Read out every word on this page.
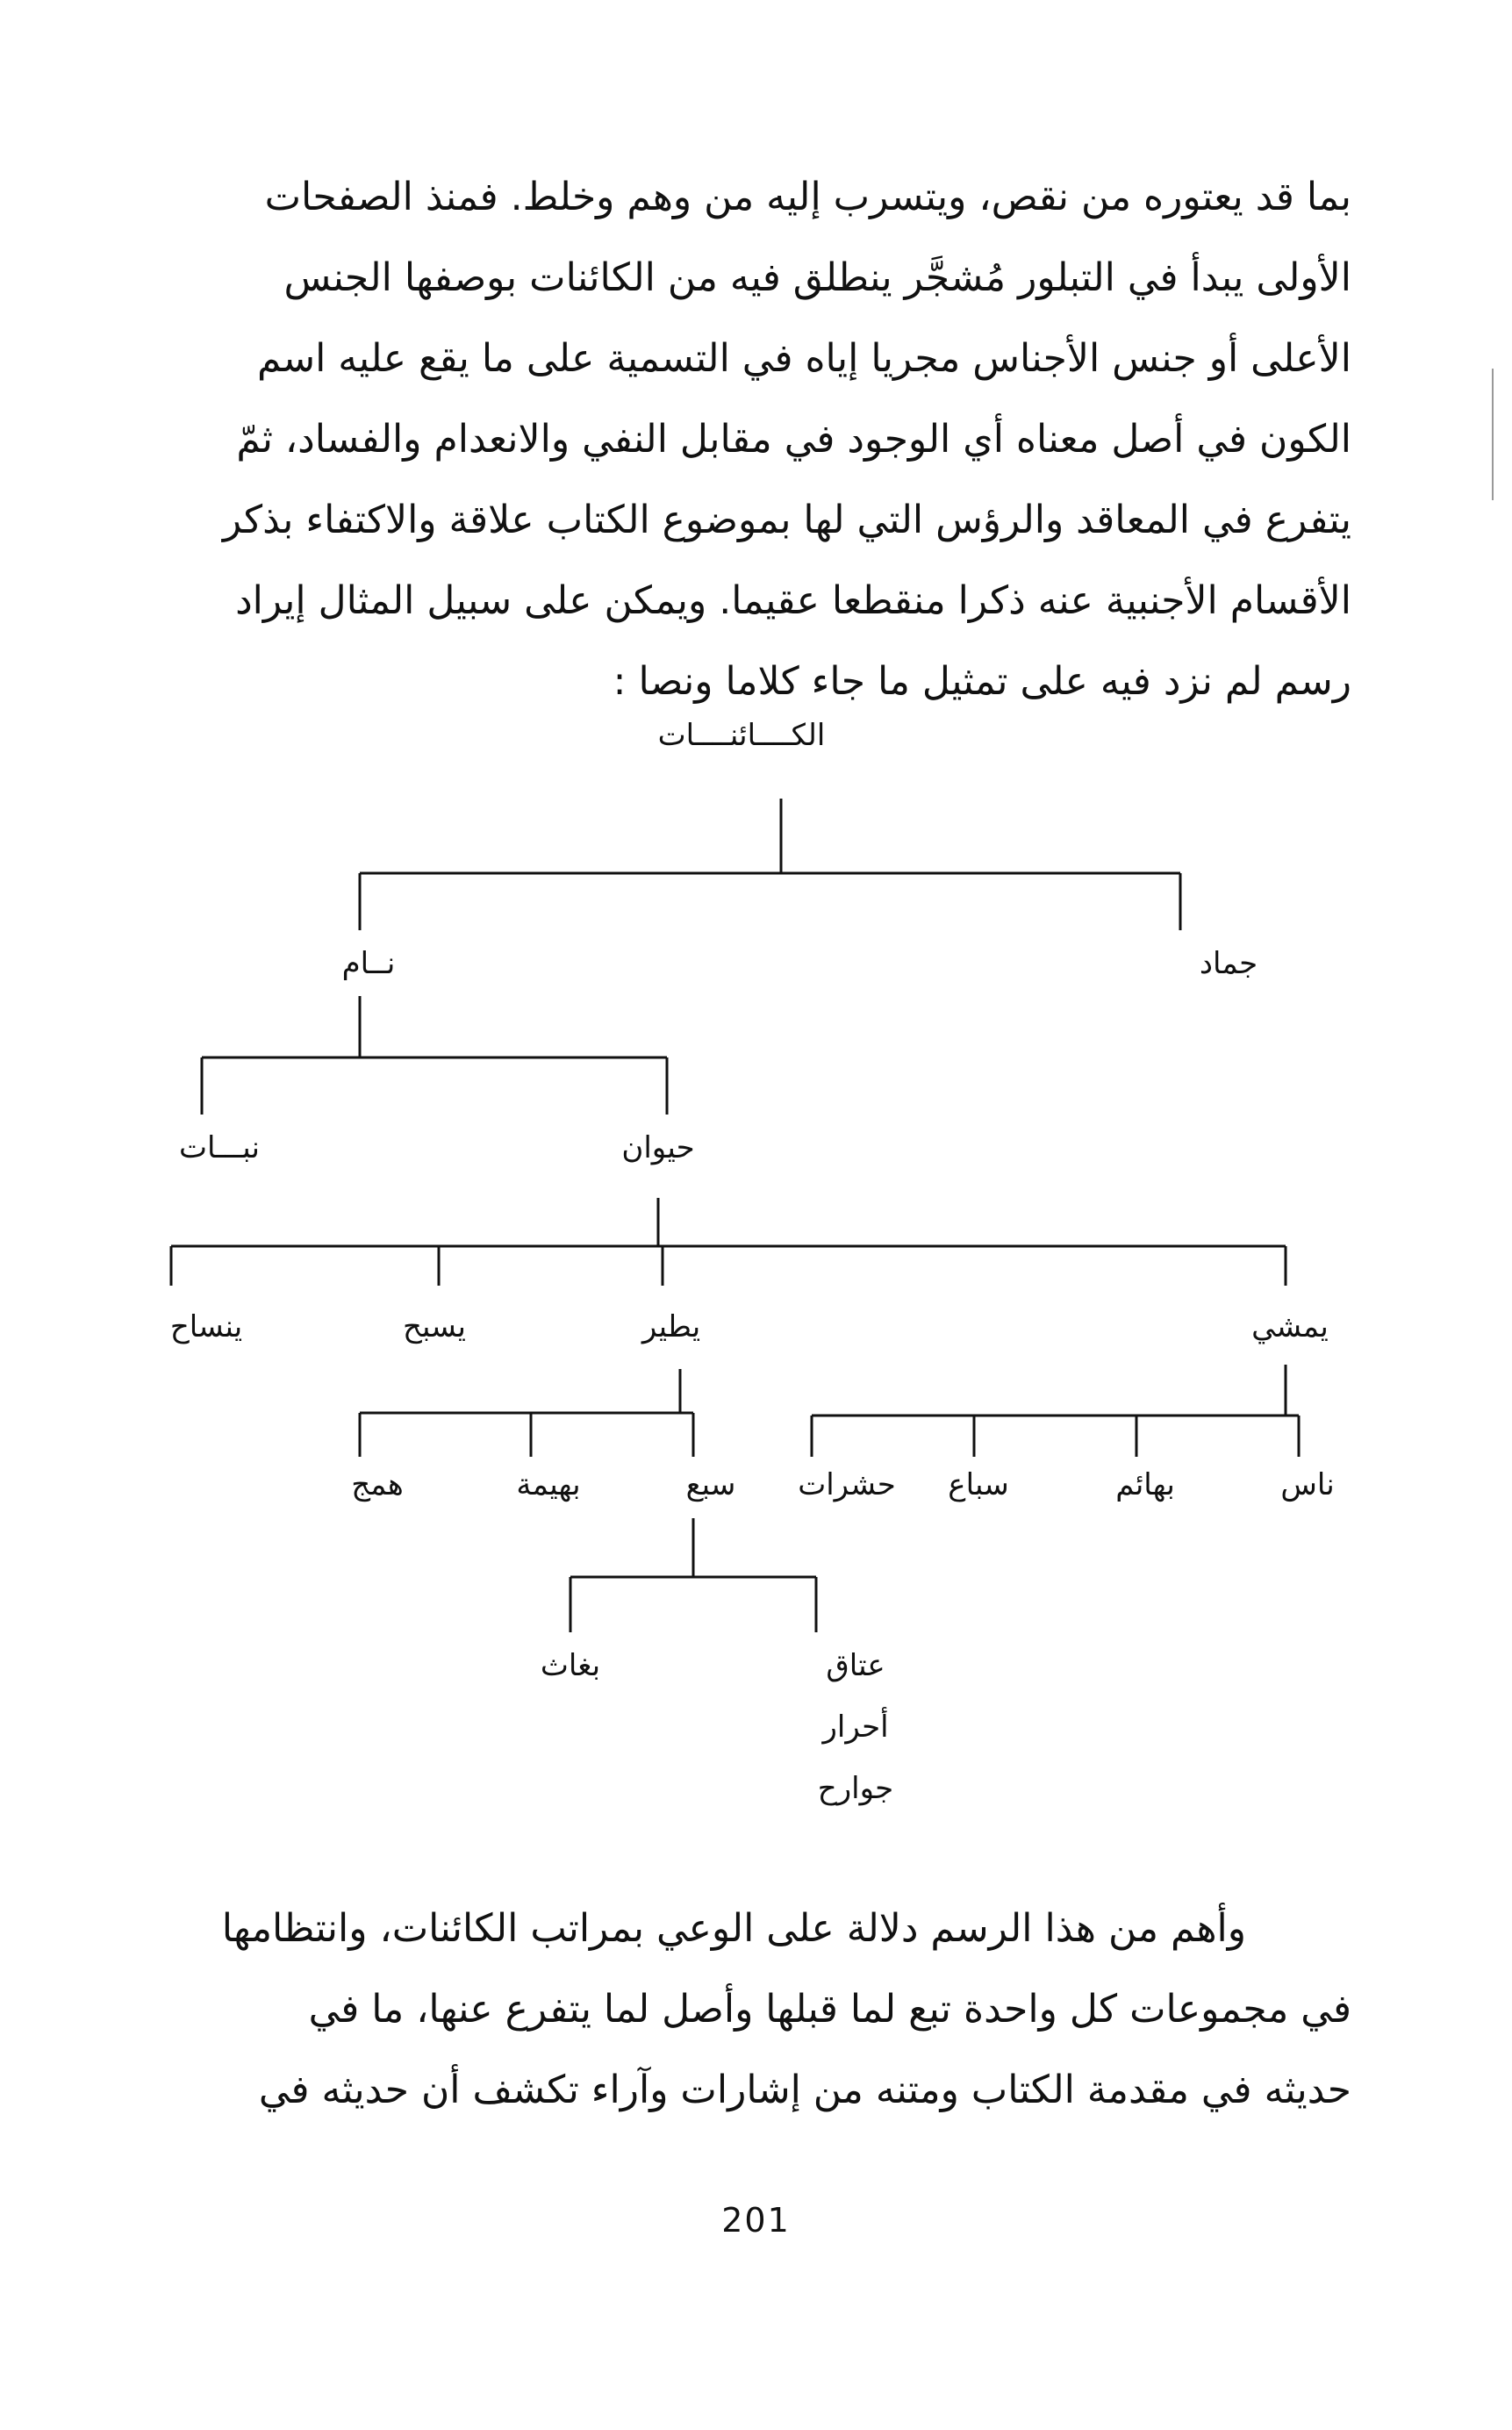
بما قد يعتوره من نقص، ويتسرب إليه من وهم وخلط. فمنذ الصفحات
الأولى يبدأ في التبلور مُشجَّر ينطلق فيه من الكائنات بوصفها الجنس
الأعلى أو جنس الأجناس مجريا إياه في التسمية على ما يقع عليه اسم
الكون في أصل معناه أي الوجود في مقابل النفي والانعدام والفساد، ثمّ
يتفرع في المعاقد والرؤس التي لها بموضوع الكتاب علاقة والاكتفاء بذكر
الأقسام الأجنبية عنه ذكرا منقطعا عقيما. ويمكن على سبيل المثال إيراد
رسم لم نزد فيه على تمثيل ما جاء كلاما ونصا :
الكــــائنــــات
جماد
نــام
نبـــات	حيوان
يمشي
يطير
يسبح
ينساح
ناس
بهائم
سباع
حشرات
سبع
بهيمة
همج
عتاق
أحرار
جوارح
بغاث
وأهم من هذا الرسم دلالة على الوعي بمراتب الكائنات، وانتظامها
في مجموعات كل واحدة تبع لما قبلها وأصل لما يتفرع عنها، ما في
حديثه في مقدمة الكتاب ومتنه من إشارات وآراء تكشف أن حديثه في
201
